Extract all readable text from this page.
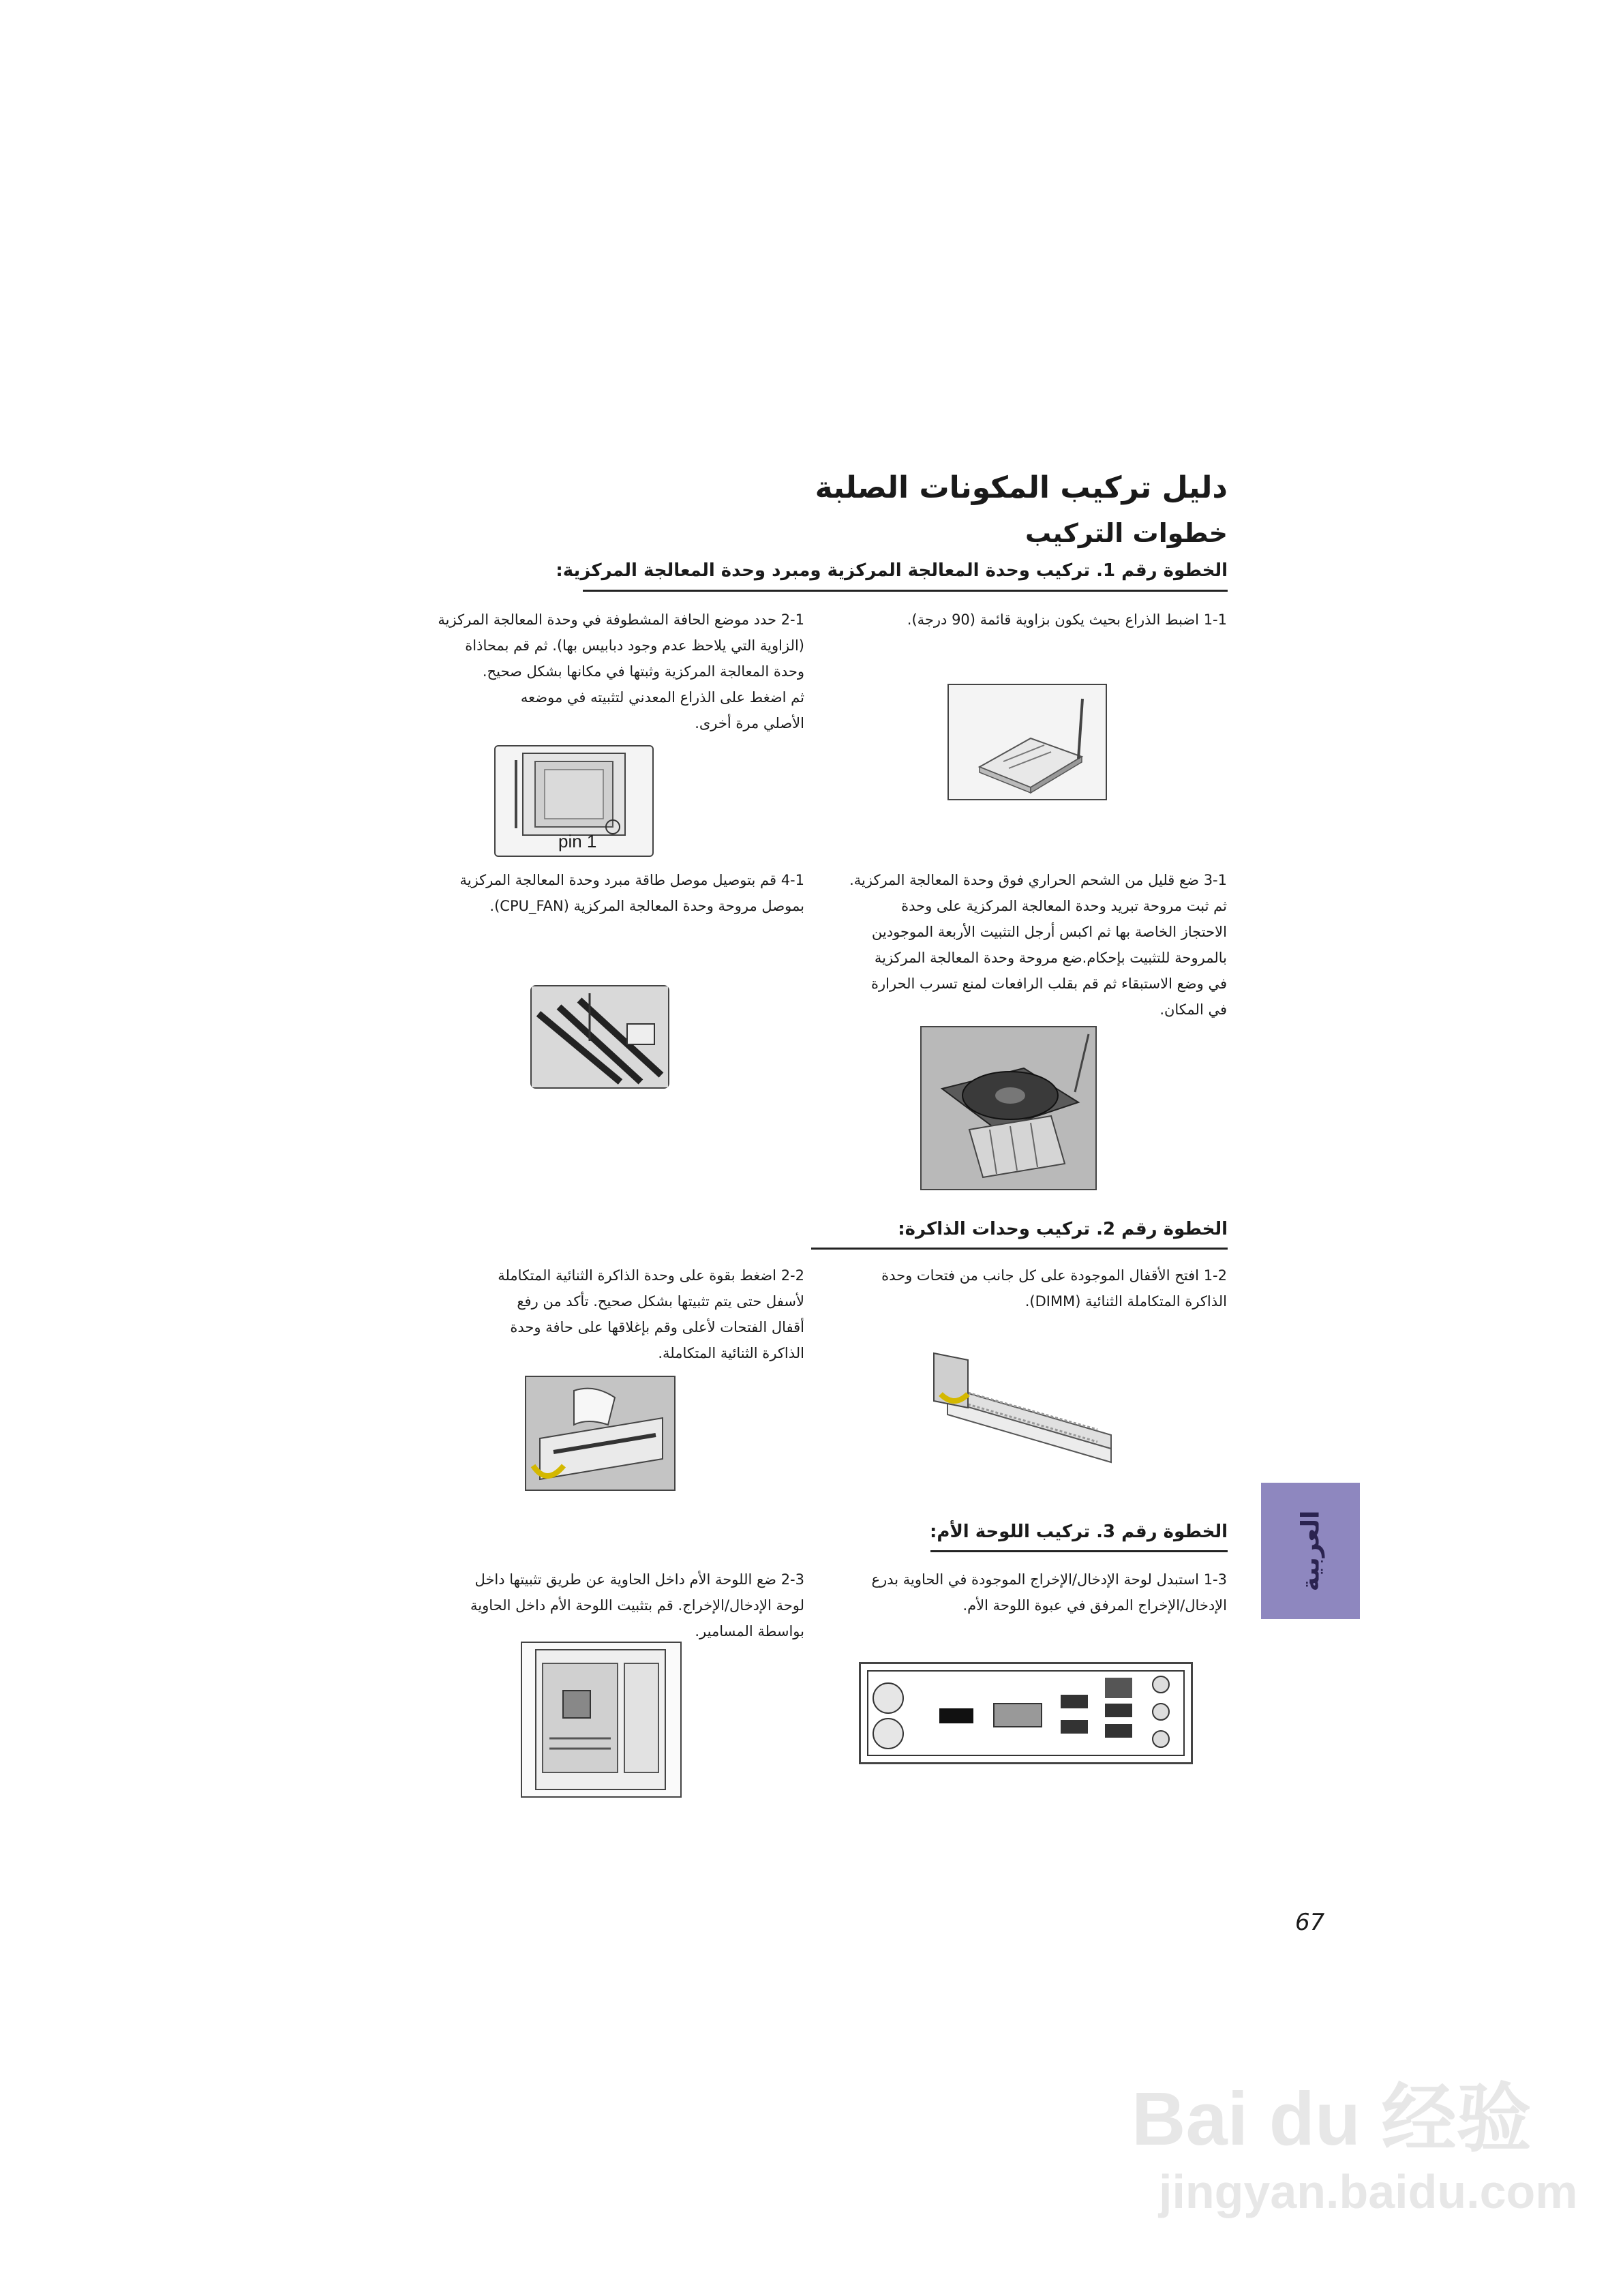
دليل تركيب المكونات الصلبة
خطوات التركيب
الخطوة رقم 1. تركيب وحدة المعالجة المركزية ومبرد وحدة المعالجة المركزية:
1-1 اضبط الذراع بحيث يكون بزاوية قائمة (90 درجة).
2-1 حدد موضع الحافة المشطوفة في وحدة المعالجة المركزية
(الزاوية التي يلاحظ عدم وجود دبابيس بها). ثم قم بمحاذاة
وحدة المعالجة المركزية وثبتها في مكانها بشكل صحيح.
ثم اضغط على الذراع المعدني لتثبيته في موضعه
الأصلي مرة أخرى.
pin 1
3-1 ضع قليل من الشحم الحراري فوق وحدة المعالجة المركزية.
ثم ثبت مروحة تبريد وحدة المعالجة المركزية على وحدة
الاحتجاز الخاصة بها ثم اكبس أرجل التثبيت الأربعة الموجودين
بالمروحة للتثبيت بإحكام.ضع مروحة وحدة المعالجة المركزية
في وضع الاستبقاء ثم قم بقلب الرافعات لمنع تسرب الحرارة
في المكان.
4-1 قم بتوصيل موصل طاقة مبرد وحدة المعالجة المركزية
بموصل مروحة وحدة المعالجة المركزية (CPU_FAN).
الخطوة رقم 2. تركيب وحدات الذاكرة:
1-2 افتح الأقفال الموجودة على كل جانب من فتحات وحدة
الذاكرة المتكاملة الثنائية (DIMM).
2-2 اضغط بقوة على وحدة الذاكرة الثنائية المتكاملة
لأسفل حتى يتم تثبيتها بشكل صحيح. تأكد من رفع
أقفال الفتحات لأعلى وقم بإغلاقها على حافة وحدة
الذاكرة الثنائية المتكاملة.
الخطوة رقم 3. تركيب اللوحة الأم:
1-3 استبدل لوحة الإدخال/الإخراج الموجودة في الحاوية بدرع
الإدخال/الإخراج المرفق في عبوة اللوحة الأم.
2-3 ضع اللوحة الأم داخل الحاوية عن طريق تثبيتها داخل
لوحة الإدخال/الإخراج. قم بتثبيت اللوحة الأم داخل الحاوية
بواسطة المسامير.
العربية
67
Bai du 经验
jingyan.baidu.com
